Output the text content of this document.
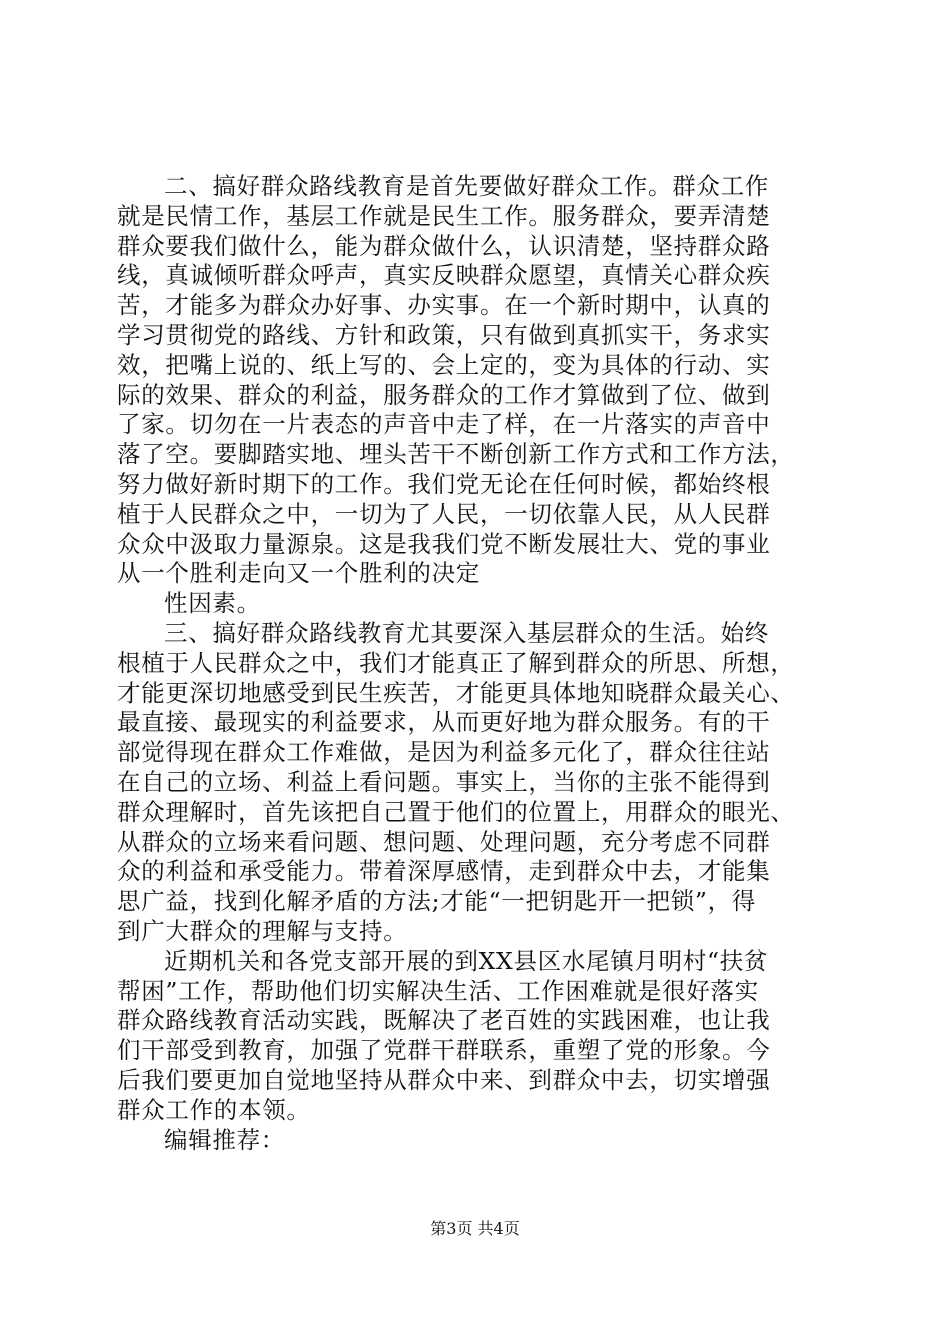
二、搞好群众路线教育是首先要做好群众工作。群众工作
就是民情工作，基层工作就是民生工作。服务群众，要弄清楚
群众要我们做什么，能为群众做什么，认识清楚，坚持群众路
线，真诚倾听群众呼声，真实反映群众愿望，真情关心群众疾
苦，才能多为群众办好事、办实事。在一个新时期中，认真的
学习贯彻党的路线、方针和政策，只有做到真抓实干，务求实
效，把嘴上说的、纸上写的、会上定的，变为具体的行动、实
际的效果、群众的利益，服务群众的工作才算做到了位、做到
了家。切勿在一片表态的声音中走了样，在一片落实的声音中
落了空。要脚踏实地、埋头苦干不断创新工作方式和工作方法，
努力做好新时期下的工作。我们党无论在任何时候，都始终根
植于人民群众之中，一切为了人民，一切依靠人民，从人民群
众众中汲取力量源泉。这是我我们党不断发展壮大、党的事业
从一个胜利走向又一个胜利的决定

性因素。

三、搞好群众路线教育尤其要深入基层群众的生活。始终
根植于人民群众之中，我们才能真正了解到群众的所思、所想，
才能更深切地感受到民生疾苦，才能更具体地知晓群众最关心、
最直接、最现实的利益要求，从而更好地为群众服务。有的干
部觉得现在群众工作难做，是因为利益多元化了，群众往往站
在自己的立场、利益上看问题。事实上，当你的主张不能得到
群众理解时，首先该把自己置于他们的位置上，用群众的眼光、
从群众的立场来看问题、想问题、处理问题，充分考虑不同群
众的利益和承受能力。带着深厚感情，走到群众中去，才能集
思广益，找到化解矛盾的方法;才能“一把钥匙开一把锁”，得
到广大群众的理解与支持。

近期机关和各党支部开展的到XX县区水尾镇月明村“扶贫
帮困”工作，帮助他们切实解决生活、工作困难就是很好落实
群众路线教育活动实践，既解决了老百姓的实践困难，也让我
们干部受到教育，加强了党群干群联系，重塑了党的形象。今
后我们要更加自觉地坚持从群众中来、到群众中去，切实增强
群众工作的本领。

编辑推荐：

第3页 共4页
